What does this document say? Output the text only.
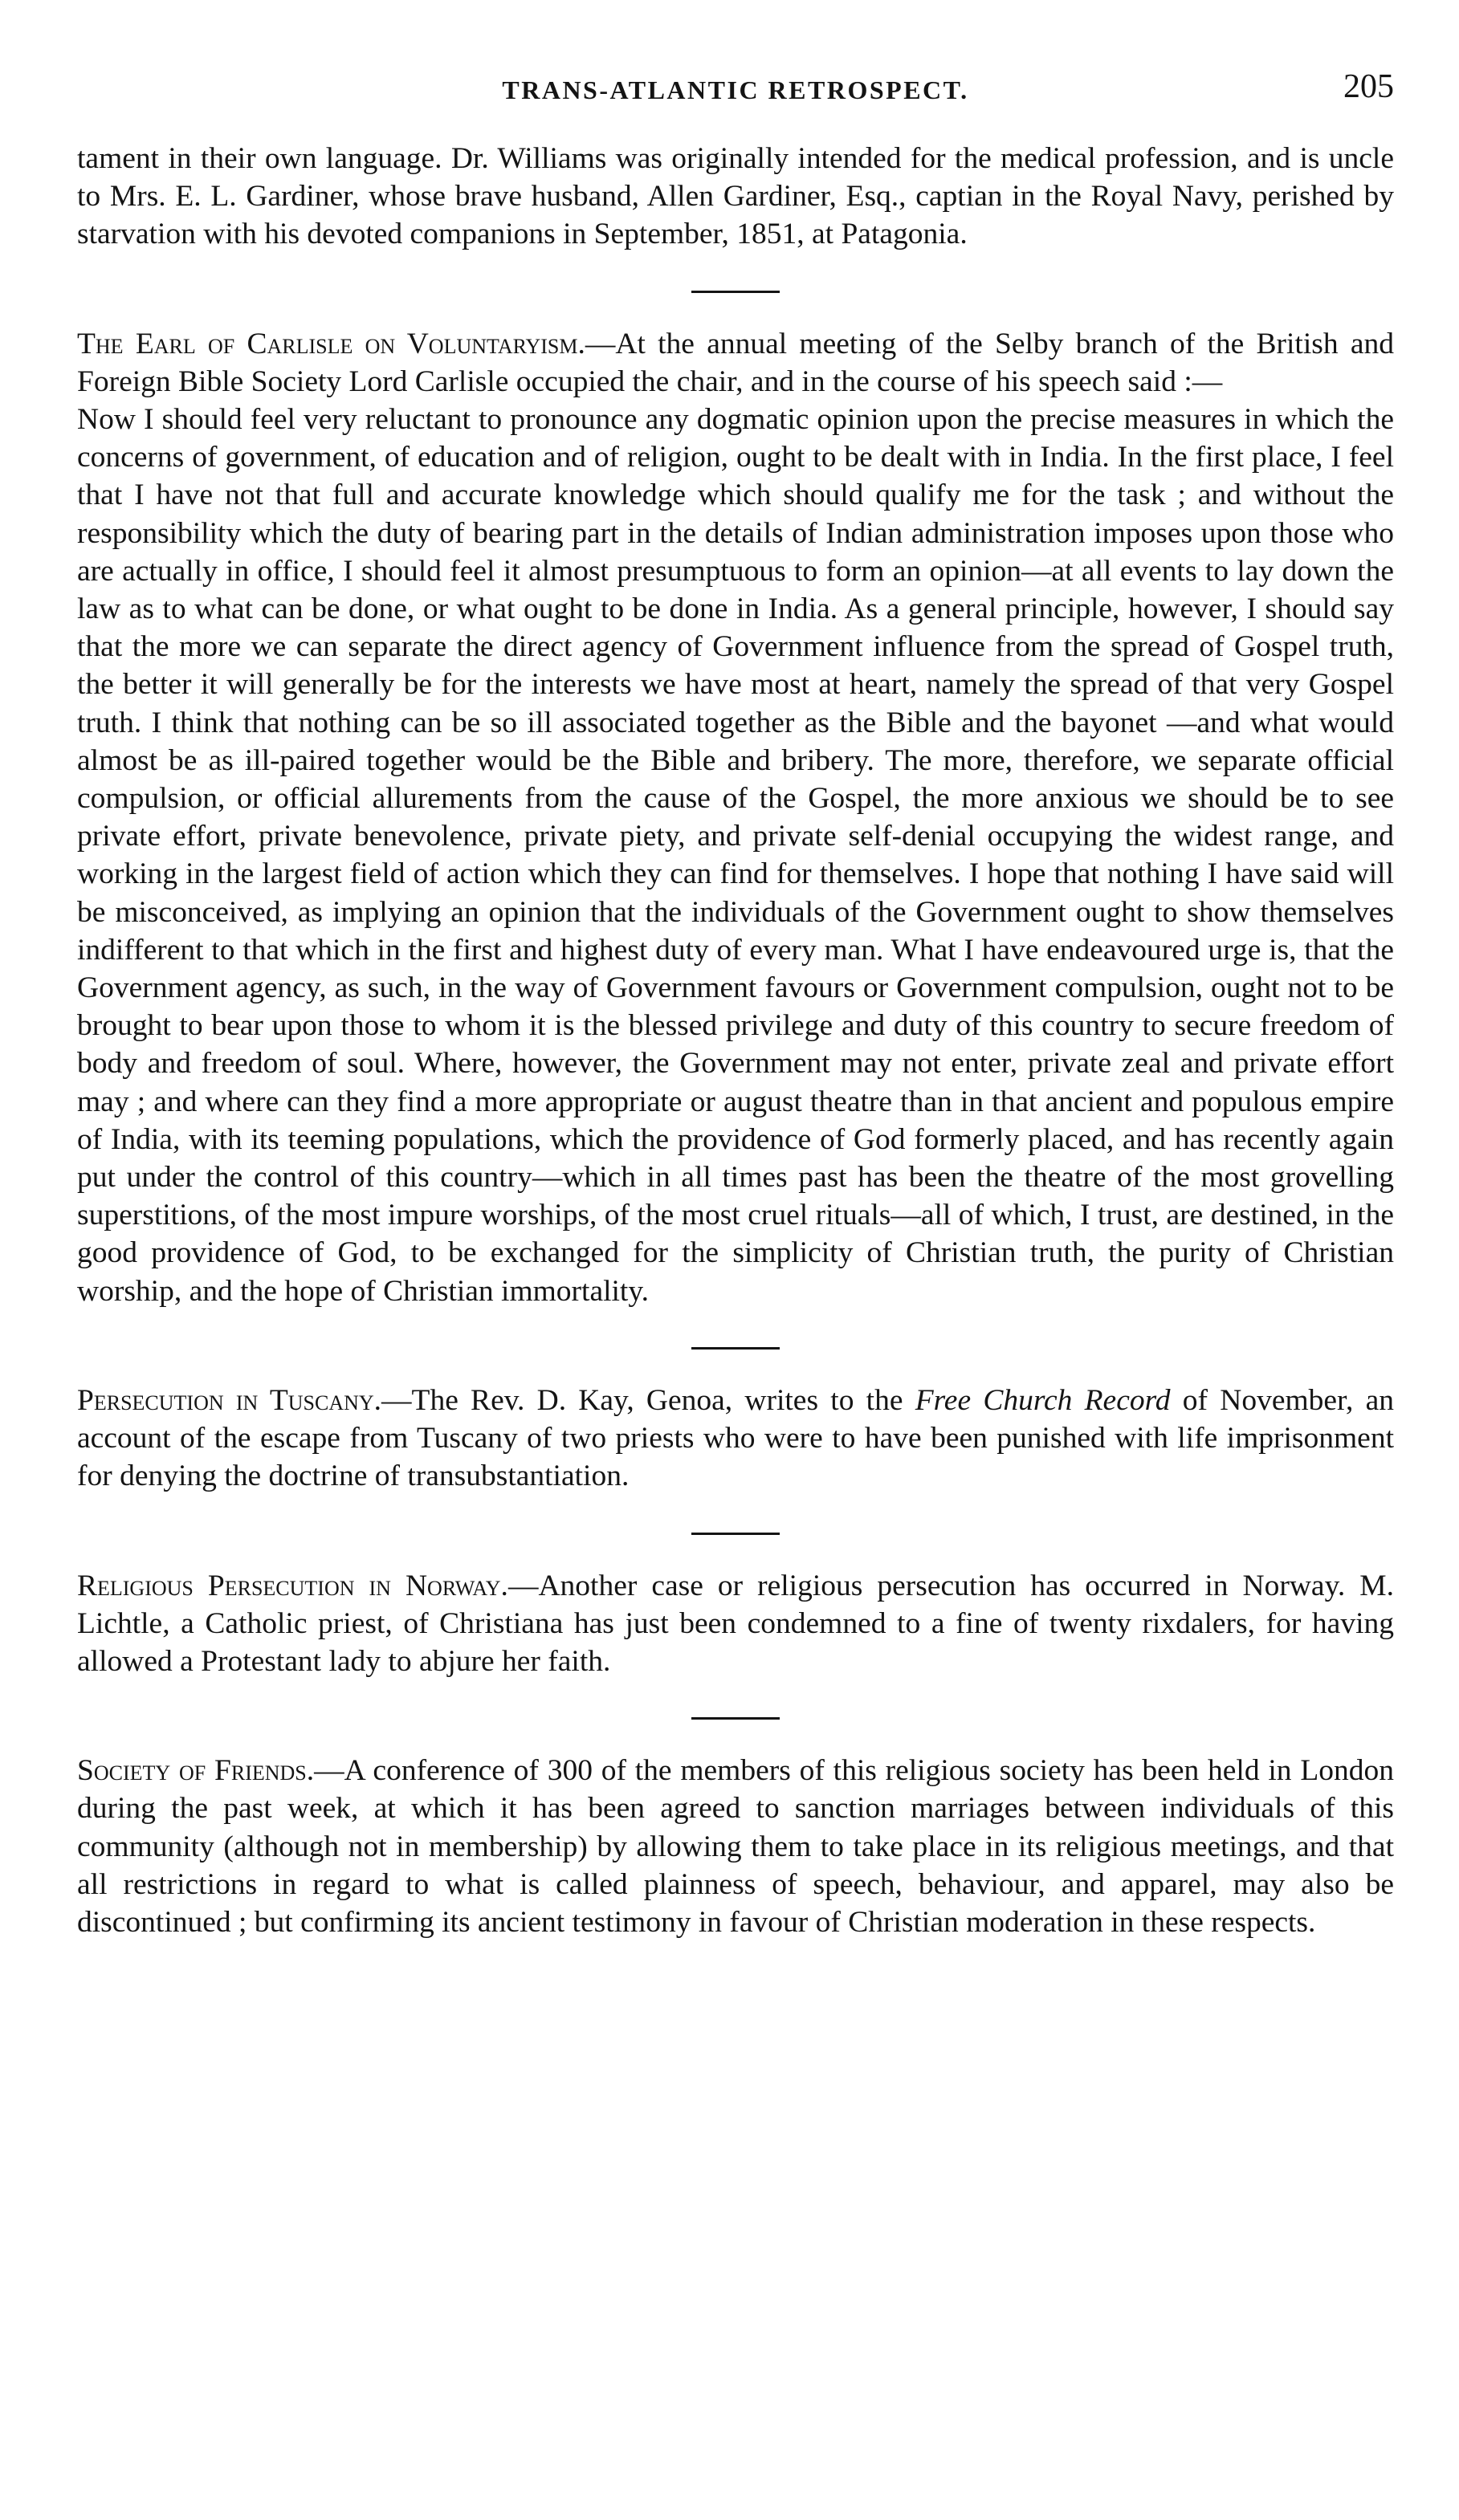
TRANS-ATLANTIC RETROSPECT.	205

tament in their own language. Dr. Williams was originally intended for the medical profession, and is uncle to Mrs. E. L. Gardiner, whose brave husband, Allen Gardiner, Esq., captian in the Royal Navy, perished by starvation with his devoted companions in September, 1851, at Patagonia.

The Earl of Carlisle on Voluntaryism.—At the annual meeting of the Selby branch of the British and Foreign Bible Society Lord Carlisle occupied the chair, and in the course of his speech said :—

Now I should feel very reluctant to pronounce any dogmatic opinion upon the precise measures in which the concerns of government, of education and of religion, ought to be dealt with in India. In the first place, I feel that I have not that full and accurate knowledge which should qualify me for the task ; and without the responsibility which the duty of bearing part in the details of Indian administration imposes upon those who are actually in office, I should feel it almost presumptuous to form an opinion—at all events to lay down the law as to what can be done, or what ought to be done in India. As a general principle, however, I should say that the more we can separate the direct agency of Government influence from the spread of Gospel truth, the better it will generally be for the interests we have most at heart, namely the spread of that very Gospel truth. I think that nothing can be so ill associated together as the Bible and the bayonet —and what would almost be as ill-paired together would be the Bible and bribery. The more, therefore, we separate official compulsion, or official allurements from the cause of the Gospel, the more anxious we should be to see private effort, private benevolence, private piety, and private self-denial occupying the widest range, and working in the largest field of action which they can find for themselves. I hope that nothing I have said will be misconceived, as implying an opinion that the individuals of the Government ought to show themselves indifferent to that which in the first and highest duty of every man. What I have endeavoured urge is, that the Government agency, as such, in the way of Government favours or Government compulsion, ought not to be brought to bear upon those to whom it is the blessed privilege and duty of this country to secure freedom of body and freedom of soul. Where, however, the Government may not enter, private zeal and private effort may ; and where can they find a more appropriate or august theatre than in that ancient and populous empire of India, with its teeming populations, which the providence of God formerly placed, and has recently again put under the control of this country—which in all times past has been the theatre of the most grovelling superstitions, of the most impure worships, of the most cruel rituals—all of which, I trust, are destined, in the good providence of God, to be exchanged for the simplicity of Christian truth, the purity of Christian worship, and the hope of Christian immortality.

Persecution in Tuscany.—The Rev. D. Kay, Genoa, writes to the Free Church Record of November, an account of the escape from Tuscany of two priests who were to have been punished with life imprisonment for denying the doctrine of transubstantiation.

Religious Persecution in Norway.—Another case or religious persecution has occurred in Norway. M. Lichtle, a Catholic priest, of Christiana has just been condemned to a fine of twenty rixdalers, for having allowed a Protestant lady to abjure her faith.

Society of Friends.—A conference of 300 of the members of this religious society has been held in London during the past week, at which it has been agreed to sanction marriages between individuals of this community (although not in membership) by allowing them to take place in its religious meetings, and that all restrictions in regard to what is called plainness of speech, behaviour, and apparel, may also be discontinued ; but confirming its ancient testimony in favour of Christian moderation in these respects.
